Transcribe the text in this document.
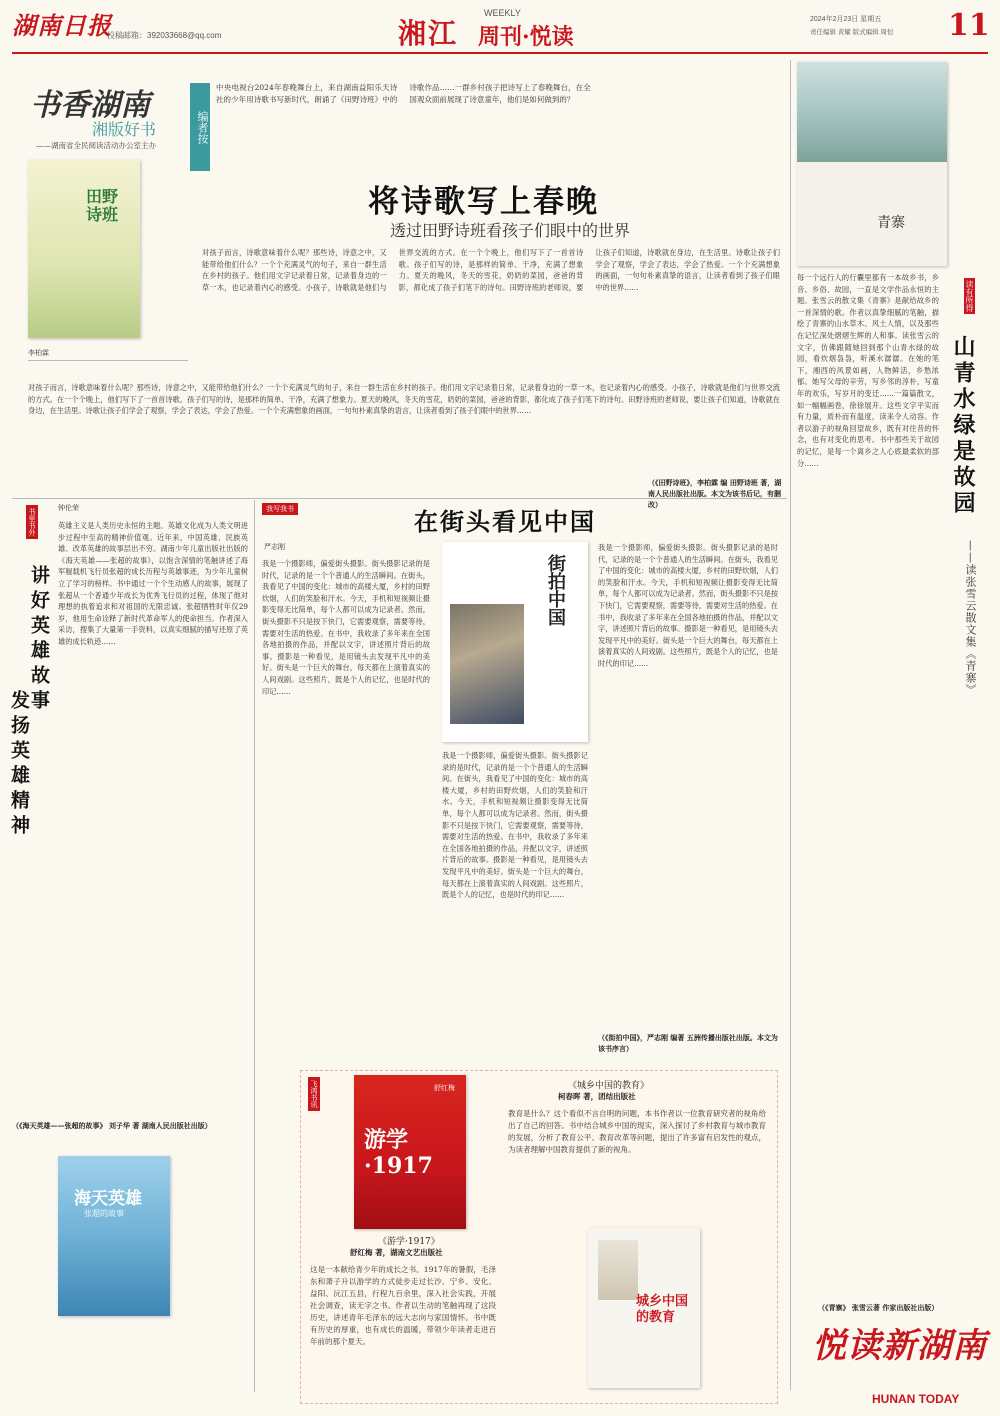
湖南日报
投稿邮箱：392033668@qq.com
WEEKLY
湘江 周刊·悦读
2024年2月23日 星期五
责任编辑 黄耀 版式编辑 周恒 11
书香湖南
湘版好书
——湖南省全民阅读活动办公室主办
编者按
中央电视台2024年春晚舞台上，来自湖南益阳乐天诗社的少年用诗歌书写新时代，朗诵了《田野诗班》中的诗歌作品……一群乡村孩子把诗写上了春晚舞台，在全国观众面前展现了诗意童年，他们是如何做到的？
将诗歌写上春晚
透过田野诗班看孩子们眼中的世界
田野诗班
李柏霖
对孩子而言，诗歌意味着什么呢？那些诗，诗意之中，又能带给他们什么？一个个充满灵气的句子，来自一群生活在乡村的孩子。他们用文字记录着日常，记录着身边的一草一木，也记录着内心的感受。小孩子，诗歌就是他们与世界交流的方式。在一个个晚上，他们写下了一首首诗歌。孩子们写的诗，是那样的简单、干净，充满了想象力。夏天的晚风，冬天的雪花，奶奶的菜园，爸爸的背影，都化成了孩子们笔下的诗句。田野诗班的老师说，要让孩子们知道，诗歌就在身边，在生活里。诗歌让孩子们学会了观察，学会了表达，学会了热爱。一个个充满想象的画面，一句句朴素真挚的语言，让读者看到了孩子们眼中的世界……
对孩子而言，诗歌意味着什么呢？那些诗，诗意之中，又能带给他们什么？一个个充满灵气的句子，来自一群生活在乡村的孩子。他们用文字记录着日常，记录着身边的一草一木，也记录着内心的感受。小孩子，诗歌就是他们与世界交流的方式。在一个个晚上，他们写下了一首首诗歌。孩子们写的诗，是那样的简单、干净，充满了想象力。夏天的晚风，冬天的雪花，奶奶的菜园，爸爸的背影，都化成了孩子们笔下的诗句。田野诗班的老师说，要让孩子们知道，诗歌就在身边，在生活里。诗歌让孩子们学会了观察，学会了表达，学会了热爱。一个个充满想象的画面，一句句朴素真挚的语言，让读者看到了孩子们眼中的世界……
（《田野诗班》，李柏霖 编 田野诗班 著，湖南人民出版社出版。本文为该书后记，有删改）
青寨
读有所得
山青水绿是故园
——读张雪云散文集《青寨》
每一个远行人的行囊里都有一本故乡书，乡音、乡俗、故园，一直是文学作品永恒的主题。张雪云的散文集《青寨》是献给故乡的一首深情的歌。作者以真挚细腻的笔触，描绘了青寨的山水草木、风土人情，以及那些在记忆深处熠熠生辉的人和事。读张雪云的文字，仿佛跟随她回到那个山青水绿的故园，看炊烟袅袅，听溪水潺潺。在她的笔下，湘西的风景如画，人物鲜活，乡愁浓郁。她写父母的辛劳，写乡邻的淳朴，写童年的欢乐，写岁月的变迁……一篇篇散文，如一幅幅画卷，徐徐展开。这些文字平实而有力量，质朴而有温度，读来令人动容。作者以游子的视角回望故乡，既有对往昔的怀念，也有对变化的思考。书中那些关于故园的记忆，是每一个离乡之人心底最柔软的部分……
（《青寨》 张雪云著 作家出版社出版）
书里书外
讲好英雄故事
发扬英雄精神
钟伦荣
英雄主义是人类历史永恒的主题。英雄文化成为人类文明进步过程中至高的精神价值观。近年来，中国英雄、民族英雄、改革英雄的故事层出不穷。湖南少年儿童出版社出版的《海天英雄——张超的故事》，以饱含深情的笔触讲述了海军舰载机飞行员张超的成长历程与英雄事迹，为少年儿童树立了学习的榜样。书中通过一个个生动感人的故事，展现了张超从一个普通少年成长为优秀飞行员的过程，体现了他对理想的执着追求和对祖国的无限忠诚。张超牺牲时年仅29岁，他用生命诠释了新时代革命军人的使命担当。作者深入采访，搜集了大量第一手资料，以真实细腻的描写还原了英雄的成长轨迹……
（《海天英雄——张超的故事》 刘子华 著 湖南人民出版社出版）
海天英雄
张超的故事
我写我书	在街头看见中国
严志刚
街拍中国
我是一个摄影师，偏爱街头摄影。街头摄影记录的是时代，记录的是一个个普通人的生活瞬间。在街头，我看见了中国的变化：城市的高楼大厦，乡村的田野炊烟，人们的笑脸和汗水。今天，手机和短视频让摄影变得无比简单，每个人都可以成为记录者。然而，街头摄影不只是按下快门，它需要观察，需要等待，需要对生活的热爱。在书中，我收录了多年来在全国各地拍摄的作品，并配以文字，讲述照片背后的故事。摄影是一种看见，是用镜头去发现平凡中的美好。街头是一个巨大的舞台，每天都在上演着真实的人间戏剧。这些照片，既是个人的记忆，也是时代的印记……
我是一个摄影师，偏爱街头摄影。街头摄影记录的是时代，记录的是一个个普通人的生活瞬间。在街头，我看见了中国的变化：城市的高楼大厦，乡村的田野炊烟，人们的笑脸和汗水。今天，手机和短视频让摄影变得无比简单，每个人都可以成为记录者。然而，街头摄影不只是按下快门，它需要观察，需要等待，需要对生活的热爱。在书中，我收录了多年来在全国各地拍摄的作品，并配以文字，讲述照片背后的故事。摄影是一种看见，是用镜头去发现平凡中的美好。街头是一个巨大的舞台，每天都在上演着真实的人间戏剧。这些照片，既是个人的记忆，也是时代的印记……
我是一个摄影师，偏爱街头摄影。街头摄影记录的是时代，记录的是一个个普通人的生活瞬间。在街头，我看见了中国的变化：城市的高楼大厦，乡村的田野炊烟，人们的笑脸和汗水。今天，手机和短视频让摄影变得无比简单，每个人都可以成为记录者。然而，街头摄影不只是按下快门，它需要观察，需要等待，需要对生活的热爱。在书中，我收录了多年来在全国各地拍摄的作品，并配以文字，讲述照片背后的故事。摄影是一种看见，是用镜头去发现平凡中的美好。街头是一个巨大的舞台，每天都在上演着真实的人间戏剧。这些照片，既是个人的记忆，也是时代的印记……
（《街拍中国》，严志刚 编著 五洲传播出版社出版。本文为该书序言）
飞鸿书讯
游学·1917
舒红梅
《游学·1917》
舒红梅 著，湖南文艺出版社
这是一本献给青少年的成长之书。1917年的暑假，毛泽东和萧子升以游学的方式徒步走过长沙、宁乡、安化、益阳、沅江五县，行程九百余里，深入社会实践，开展社会调查，读无字之书。作者以生动的笔触再现了这段历史，讲述青年毛泽东的远大志向与家国情怀。书中既有历史的厚重，也有成长的温暖，带领少年读者走进百年前的那个夏天。
《城乡中国的教育》
柯春晖 著，团结出版社
教育是什么？这个看似不言自明的问题，本书作者以一位教育研究者的视角给出了自己的回答。书中结合城乡中国的现实，深入探讨了乡村教育与城市教育的发展，分析了教育公平、教育改革等问题，提出了许多富有启发性的观点，为读者理解中国教育提供了新的视角。
城乡中国的教育
悦读新湖南
HUNAN TODAY
